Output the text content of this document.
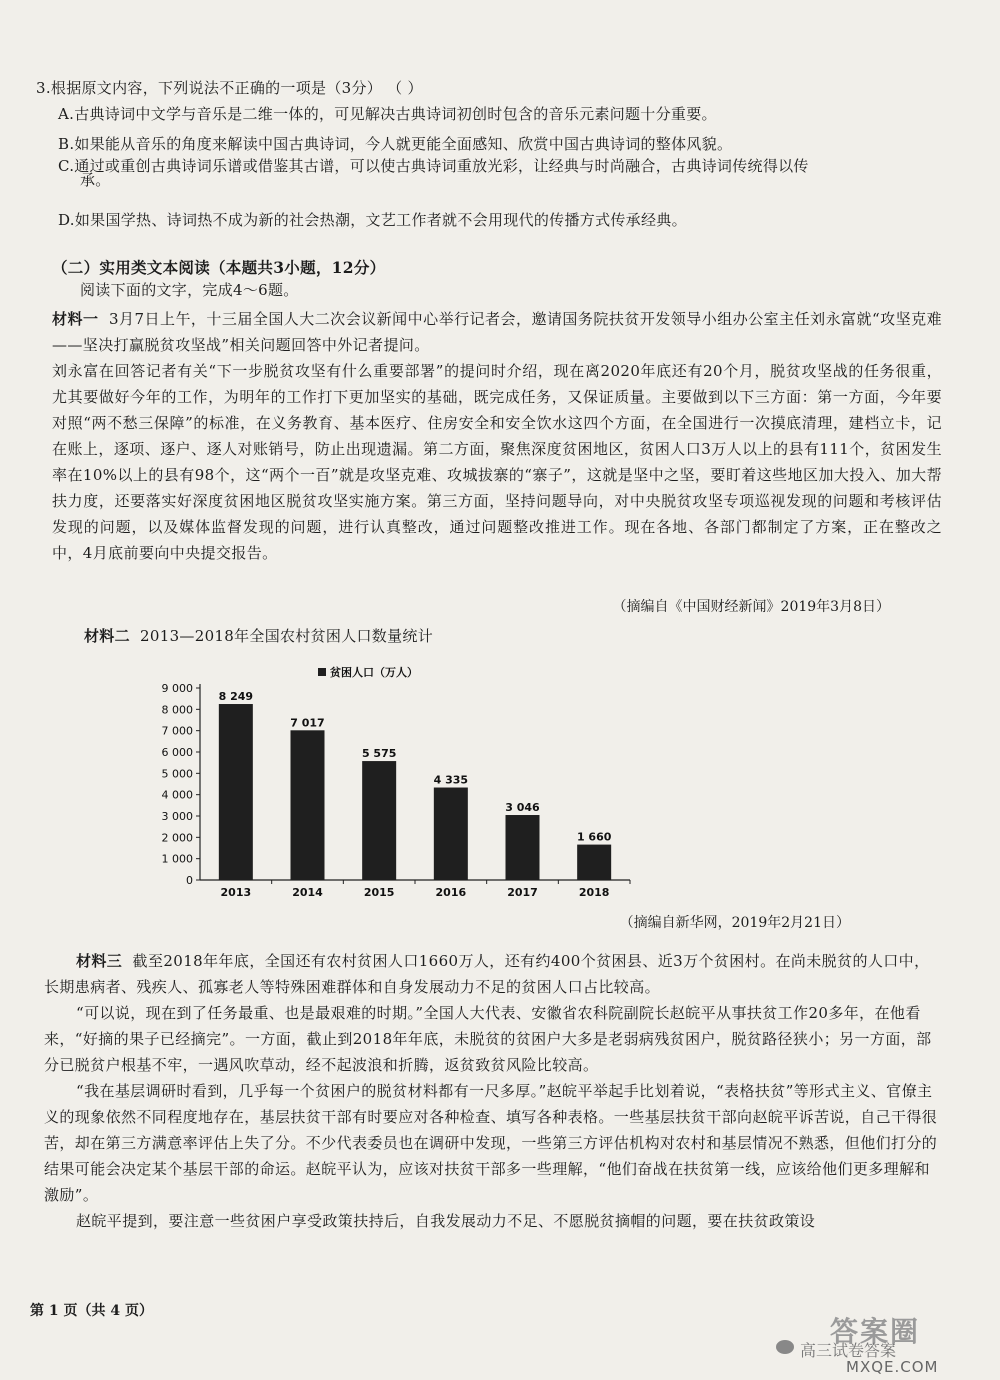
3.根据原文内容，下列说法不正确的一项是（3分） （ ）
A.古典诗词中文学与音乐是二维一体的，可见解决古典诗词初创时包含的音乐元素问题十分重要。
B.如果能从音乐的角度来解读中国古典诗词，今人就更能全面感知、欣赏中国古典诗词的整体风貌。
C.通过或重创古典诗词乐谱或借鉴其古谱，可以使古典诗词重放光彩，让经典与时尚融合，古典诗词传统得以传
承。
D.如果国学热、诗词热不成为新的社会热潮，文艺工作者就不会用现代的传播方式传承经典。
（二）实用类文本阅读（本题共3小题，12分）
阅读下面的文字，完成4～6题。

材料一 3月7日上午，十三届全国人大二次会议新闻中心举行记者会，邀请国务院扶贫开发领导小组办公室主任刘永富就“攻坚克难——坚决打赢脱贫攻坚战”相关问题回答中外记者提问。

刘永富在回答记者有关“下一步脱贫攻坚有什么重要部署”的提问时介绍，现在离2020年底还有20个月，脱贫攻坚战的任务很重，尤其要做好今年的工作，为明年的工作打下更加坚实的基础，既完成任务，又保证质量。主要做到以下三方面：第一方面，今年要对照“两不愁三保障”的标准，在义务教育、基本医疗、住房安全和安全饮水这四个方面，在全国进行一次摸底清理，建档立卡，记在账上，逐项、逐户、逐人对账销号，防止出现遗漏。第二方面，聚焦深度贫困地区，贫困人口3万人以上的县有111个，贫困发生率在10%以上的县有98个，这“两个一百”就是攻坚克难、攻城拔寨的“寨子”，这就是坚中之坚，要盯着这些地区加大投入、加大帮扶力度，还要落实好深度贫困地区脱贫攻坚实施方案。第三方面，坚持问题导向，对中央脱贫攻坚专项巡视发现的问题和考核评估发现的问题，以及媒体监督发现的问题，进行认真整改，通过问题整改推进工作。现在各地、各部门都制定了方案，正在整改之中，4月底前要向中央提交报告。

（摘编自《中国财经新闻》2019年3月8日）
材料二 2013—2018年全国农村贫困人口数量统计
贫困人口（万人）
0
1 000
2 000
3 000
4 000
5 000
6 000
7 000
8 000
9 000
2013	2014	2015	2016	2017	2018
8 249
7 017
5 575
4 335
3 046
1 660
（摘编自新华网，2019年2月21日）

材料三 截至2018年年底，全国还有农村贫困人口1660万人，还有约400个贫困县、近3万个贫困村。在尚未脱贫的人口中，长期患病者、残疾人、孤寡老人等特殊困难群体和自身发展动力不足的贫困人口占比较高。

“可以说，现在到了任务最重、也是最艰难的时期。”全国人大代表、安徽省农科院副院长赵皖平从事扶贫工作20多年，在他看来，“好摘的果子已经摘完”。一方面，截止到2018年年底，未脱贫的贫困户大多是老弱病残贫困户，脱贫路径狭小；另一方面，部分已脱贫户根基不牢，一遇风吹草动，经不起波浪和折腾，返贫致贫风险比较高。

“我在基层调研时看到，几乎每一个贫困户的脱贫材料都有一尺多厚。”赵皖平举起手比划着说，“表格扶贫”等形式主义、官僚主义的现象依然不同程度地存在，基层扶贫干部有时要应对各种检查、填写各种表格。一些基层扶贫干部向赵皖平诉苦说，自己干得很苦，却在第三方满意率评估上失了分。不少代表委员也在调研中发现，一些第三方评估机构对农村和基层情况不熟悉，但他们打分的结果可能会决定某个基层干部的命运。赵皖平认为，应该对扶贫干部多一些理解，“他们奋战在扶贫第一线，应该给他们更多理解和激励”。

赵皖平提到，要注意一些贫困户享受政策扶持后，自我发展动力不足、不愿脱贫摘帽的问题，要在扶贫政策设

第 1 页（共 4 页）
答案圈
高三试卷答案
MXQE.COM
